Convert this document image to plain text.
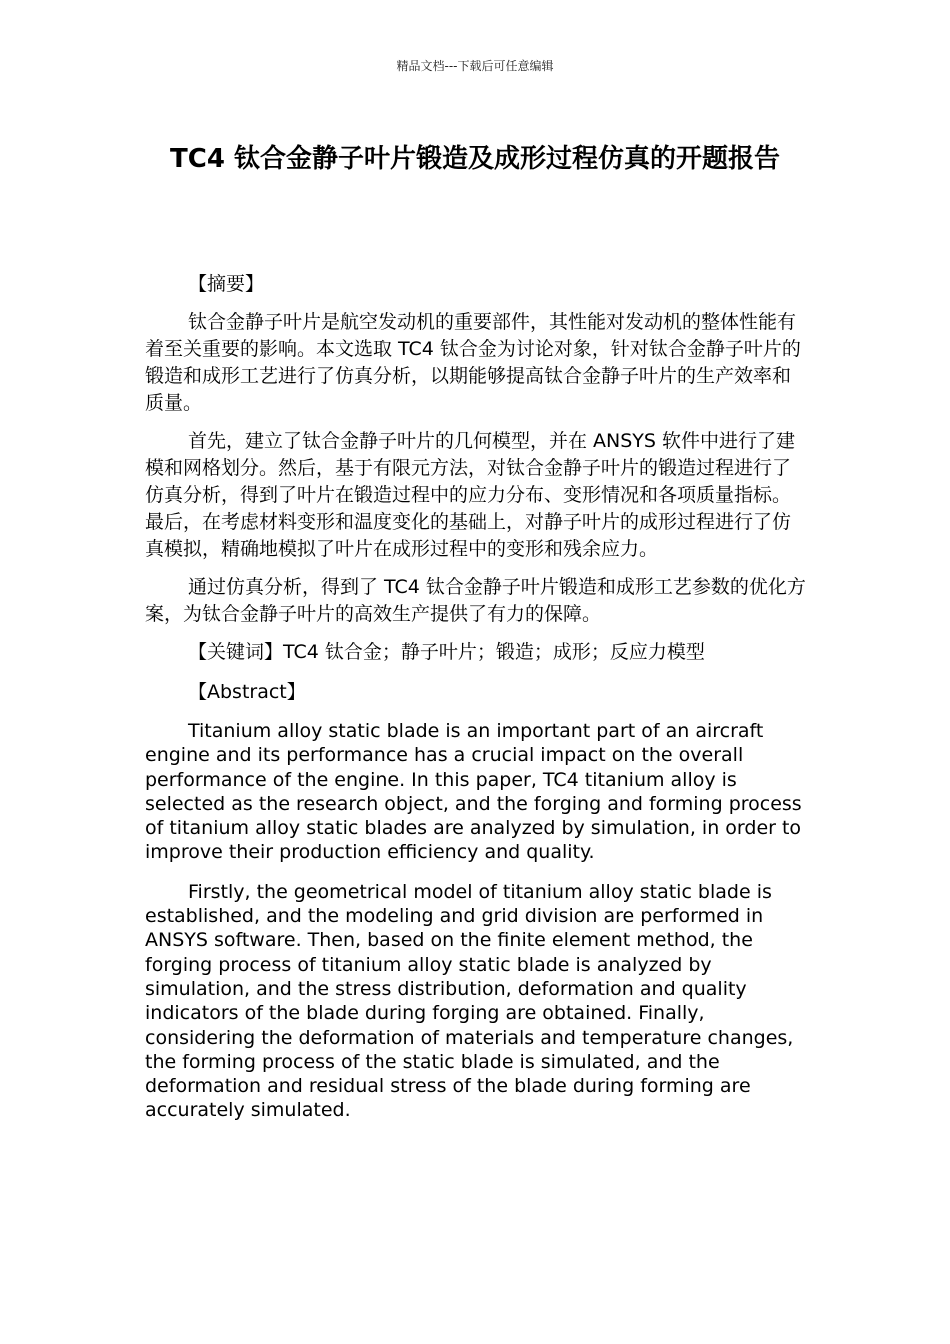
精品文档---下载后可任意编辑
TC4 钛合金静子叶片锻造及成形过程仿真的开题报告

【摘要】

钛合金静子叶片是航空发动机的重要部件，其性能对发动机的整体性能有着至关重要的影响。本文选取 TC4 钛合金为讨论对象，针对钛合金静子叶片的锻造和成形工艺进行了仿真分析，以期能够提高钛合金静子叶片的生产效率和质量。

首先，建立了钛合金静子叶片的几何模型，并在 ANSYS 软件中进行了建模和网格划分。然后，基于有限元方法，对钛合金静子叶片的锻造过程进行了仿真分析，得到了叶片在锻造过程中的应力分布、变形情况和各项质量指标。最后，在考虑材料变形和温度变化的基础上，对静子叶片的成形过程进行了仿真模拟，精确地模拟了叶片在成形过程中的变形和残余应力。

通过仿真分析，得到了 TC4 钛合金静子叶片锻造和成形工艺参数的优化方案，为钛合金静子叶片的高效生产提供了有力的保障。

【关键词】TC4 钛合金；静子叶片；锻造；成形；反应力模型

【Abstract】

Titanium alloy static blade is an important part of an aircraft engine and its performance has a crucial impact on the overall performance of the engine. In this paper, TC4 titanium alloy is selected as the research object, and the forging and forming process of titanium alloy static blades are analyzed by simulation, in order to improve their production efficiency and quality.

Firstly, the geometrical model of titanium alloy static blade is established, and the modeling and grid division are performed in ANSYS software. Then, based on the finite element method, the forging process of titanium alloy static blade is analyzed by simulation, and the stress distribution, deformation and quality indicators of the blade during forging are obtained. Finally, considering the deformation of materials and temperature changes, the forming process of the static blade is simulated, and the deformation and residual stress of the blade during forming are accurately simulated.
